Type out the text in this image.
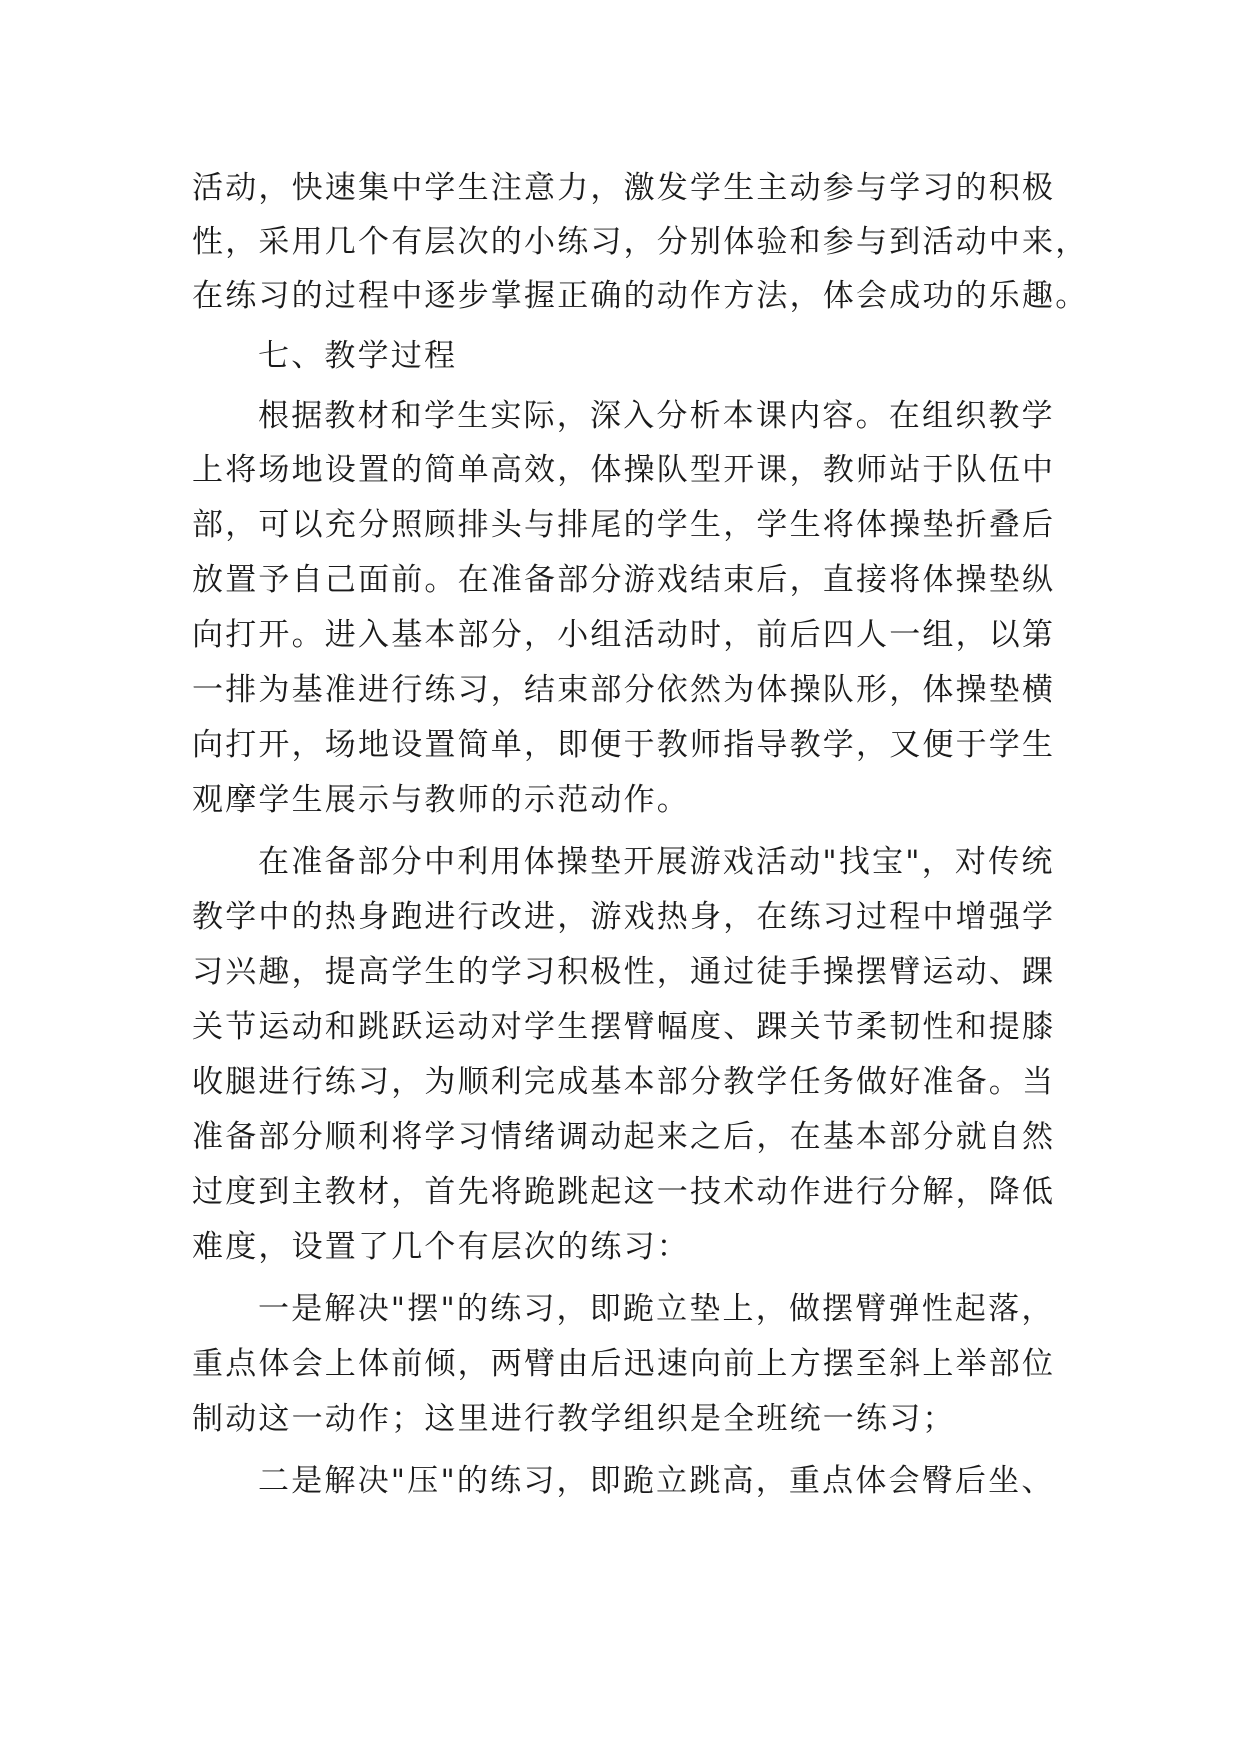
活动，快速集中学生注意力，激发学生主动参与学习的积极
性，采用几个有层次的小练习，分别体验和参与到活动中来，
在练习的过程中逐步掌握正确的动作方法，体会成功的乐趣。
七、教学过程
根据教材和学生实际，深入分析本课内容。在组织教学
上将场地设置的简单高效，体操队型开课，教师站于队伍中
部，可以充分照顾排头与排尾的学生，学生将体操垫折叠后
放置予自己面前。在准备部分游戏结束后，直接将体操垫纵
向打开。进入基本部分，小组活动时，前后四人一组，以第
一排为基准进行练习，结束部分依然为体操队形，体操垫横
向打开，场地设置简单，即便于教师指导教学，又便于学生
观摩学生展示与教师的示范动作。
在准备部分中利用体操垫开展游戏活动"找宝"，对传统
教学中的热身跑进行改进，游戏热身，在练习过程中增强学
习兴趣，提高学生的学习积极性，通过徒手操摆臂运动、踝
关节运动和跳跃运动对学生摆臂幅度、踝关节柔韧性和提膝
收腿进行练习，为顺利完成基本部分教学任务做好准备。当
准备部分顺利将学习情绪调动起来之后，在基本部分就自然
过度到主教材，首先将跪跳起这一技术动作进行分解，降低
难度，设置了几个有层次的练习：
一是解决"摆"的练习，即跪立垫上，做摆臂弹性起落，
重点体会上体前倾，两臂由后迅速向前上方摆至斜上举部位
制动这一动作；这里进行教学组织是全班统一练习；
二是解决"压"的练习，即跪立跳高，重点体会臀后坐、
